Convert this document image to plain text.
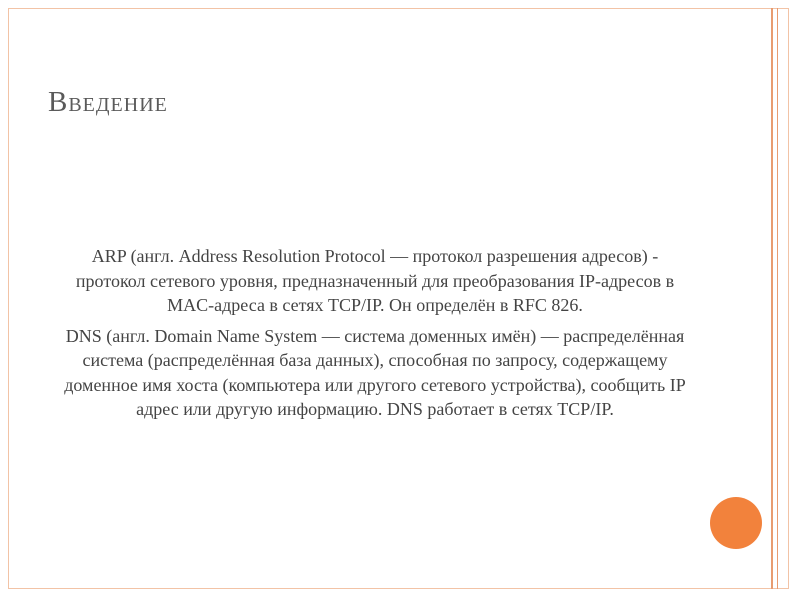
Введение

ARP (англ. Address Resolution Protocol — протокол разрешения адресов) - протокол сетевого уровня, предназначенный для преобразования IP-адресов в MAC-адреса в сетях TCP/IP. Он определён в RFC 826.

DNS (англ. Domain Name System — система доменных имён) — распределённая система (распределённая база данных), способная по запросу, содержащему доменное имя хоста (компьютера или другого сетевого устройства), сообщить IP адрес или другую информацию. DNS работает в сетях TCP/IP.
